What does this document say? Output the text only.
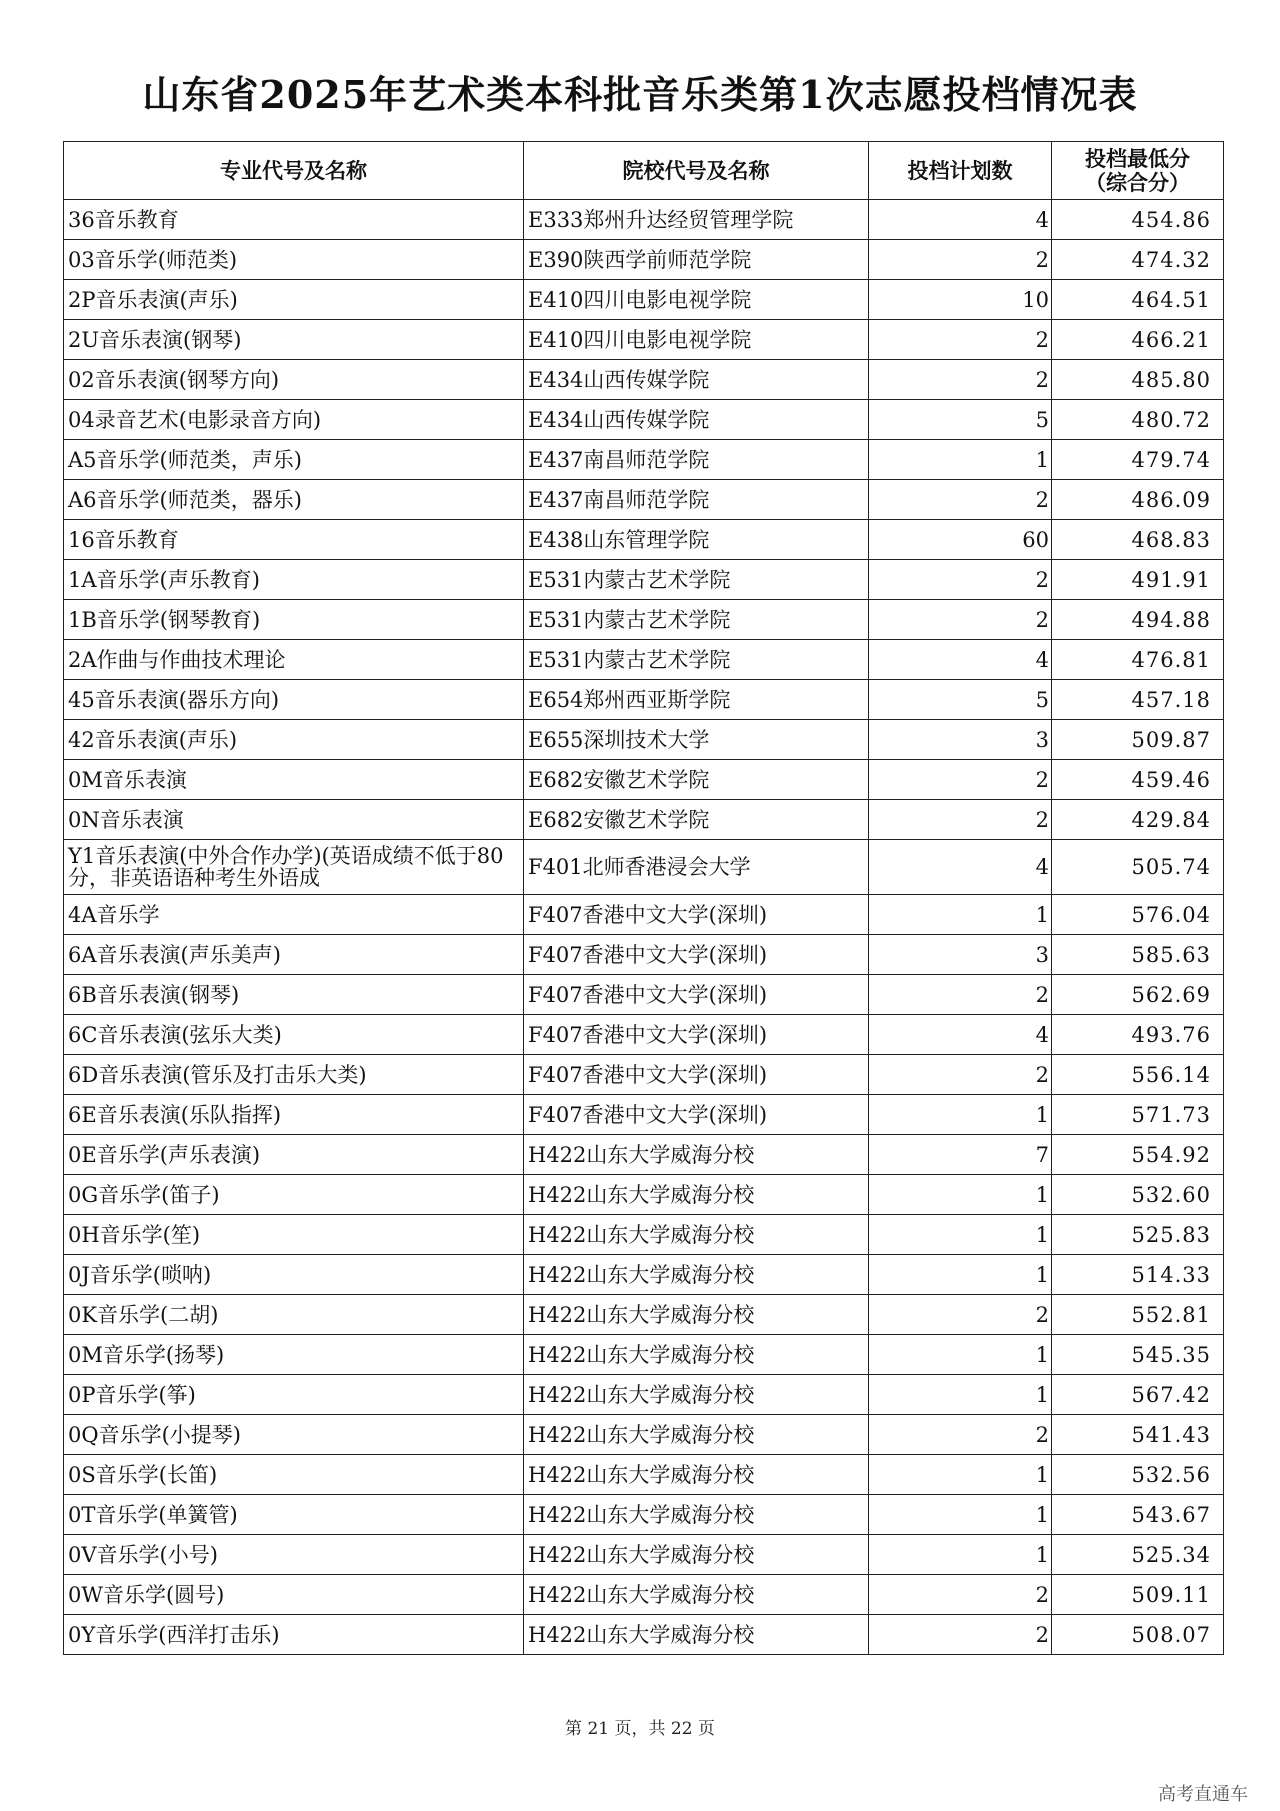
山东省2025年艺术类本科批音乐类第1次志愿投档情况表
专业代号及名称	院校代号及名称	投档计划数	投档最低分
（综合分）

36音乐教育	E333郑州升达经贸管理学院	4	454.86
03音乐学(师范类)	E390陕西学前师范学院	2	474.32
2P音乐表演(声乐)	E410四川电影电视学院	10	464.51
2U音乐表演(钢琴)	E410四川电影电视学院	2	466.21
02音乐表演(钢琴方向)	E434山西传媒学院	2	485.80
04录音艺术(电影录音方向)	E434山西传媒学院	5	480.72
A5音乐学(师范类，声乐)	E437南昌师范学院	1	479.74
A6音乐学(师范类，器乐)	E437南昌师范学院	2	486.09
16音乐教育	E438山东管理学院	60	468.83
1A音乐学(声乐教育)	E531内蒙古艺术学院	2	491.91
1B音乐学(钢琴教育)	E531内蒙古艺术学院	2	494.88
2A作曲与作曲技术理论	E531内蒙古艺术学院	4	476.81
45音乐表演(器乐方向)	E654郑州西亚斯学院	5	457.18
42音乐表演(声乐)	E655深圳技术大学	3	509.87
0M音乐表演	E682安徽艺术学院	2	459.46
0N音乐表演	E682安徽艺术学院	2	429.84
Y1音乐表演(中外合作办学)(英语成绩不低于80分，非英语语种考生外语成	F401北师香港浸会大学	4	505.74
4A音乐学	F407香港中文大学(深圳)	1	576.04
6A音乐表演(声乐美声)	F407香港中文大学(深圳)	3	585.63
6B音乐表演(钢琴)	F407香港中文大学(深圳)	2	562.69
6C音乐表演(弦乐大类)	F407香港中文大学(深圳)	4	493.76
6D音乐表演(管乐及打击乐大类)	F407香港中文大学(深圳)	2	556.14
6E音乐表演(乐队指挥)	F407香港中文大学(深圳)	1	571.73
0E音乐学(声乐表演)	H422山东大学威海分校	7	554.92
0G音乐学(笛子)	H422山东大学威海分校	1	532.60
0H音乐学(笙)	H422山东大学威海分校	1	525.83
0J音乐学(唢呐)	H422山东大学威海分校	1	514.33
0K音乐学(二胡)	H422山东大学威海分校	2	552.81
0M音乐学(扬琴)	H422山东大学威海分校	1	545.35
0P音乐学(筝)	H422山东大学威海分校	1	567.42
0Q音乐学(小提琴)	H422山东大学威海分校	2	541.43
0S音乐学(长笛)	H422山东大学威海分校	1	532.56
0T音乐学(单簧管)	H422山东大学威海分校	1	543.67
0V音乐学(小号)	H422山东大学威海分校	1	525.34
0W音乐学(圆号)	H422山东大学威海分校	2	509.11
0Y音乐学(西洋打击乐)	H422山东大学威海分校	2	508.07
第 21 页，共 22 页
高考直通车
